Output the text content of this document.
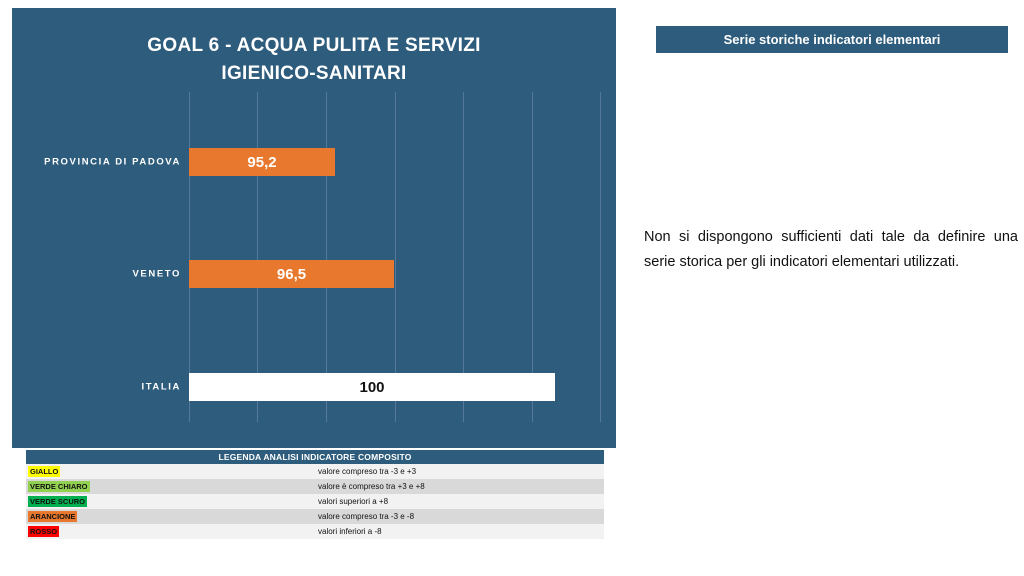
GOAL 6 - ACQUA PULITA E SERVIZI
IGIENICO-SANITARI
PROVINCIA DI PADOVA	95,2
VENETO	96,5
ITALIA	100
LEGENDA ANALISI INDICATORE COMPOSITO
GIALLO	valore compreso tra -3 e +3
VERDE CHIARO	valore è compreso tra +3 e +8
VERDE SCURO	valori superiori a +8
ARANCIONE	valore compreso tra -3 e -8
ROSSO	valori inferiori a -8
Serie storiche indicatori elementari
Non si dispongono sufficienti dati tale da definire una serie storica per gli indicatori elementari utilizzati.
